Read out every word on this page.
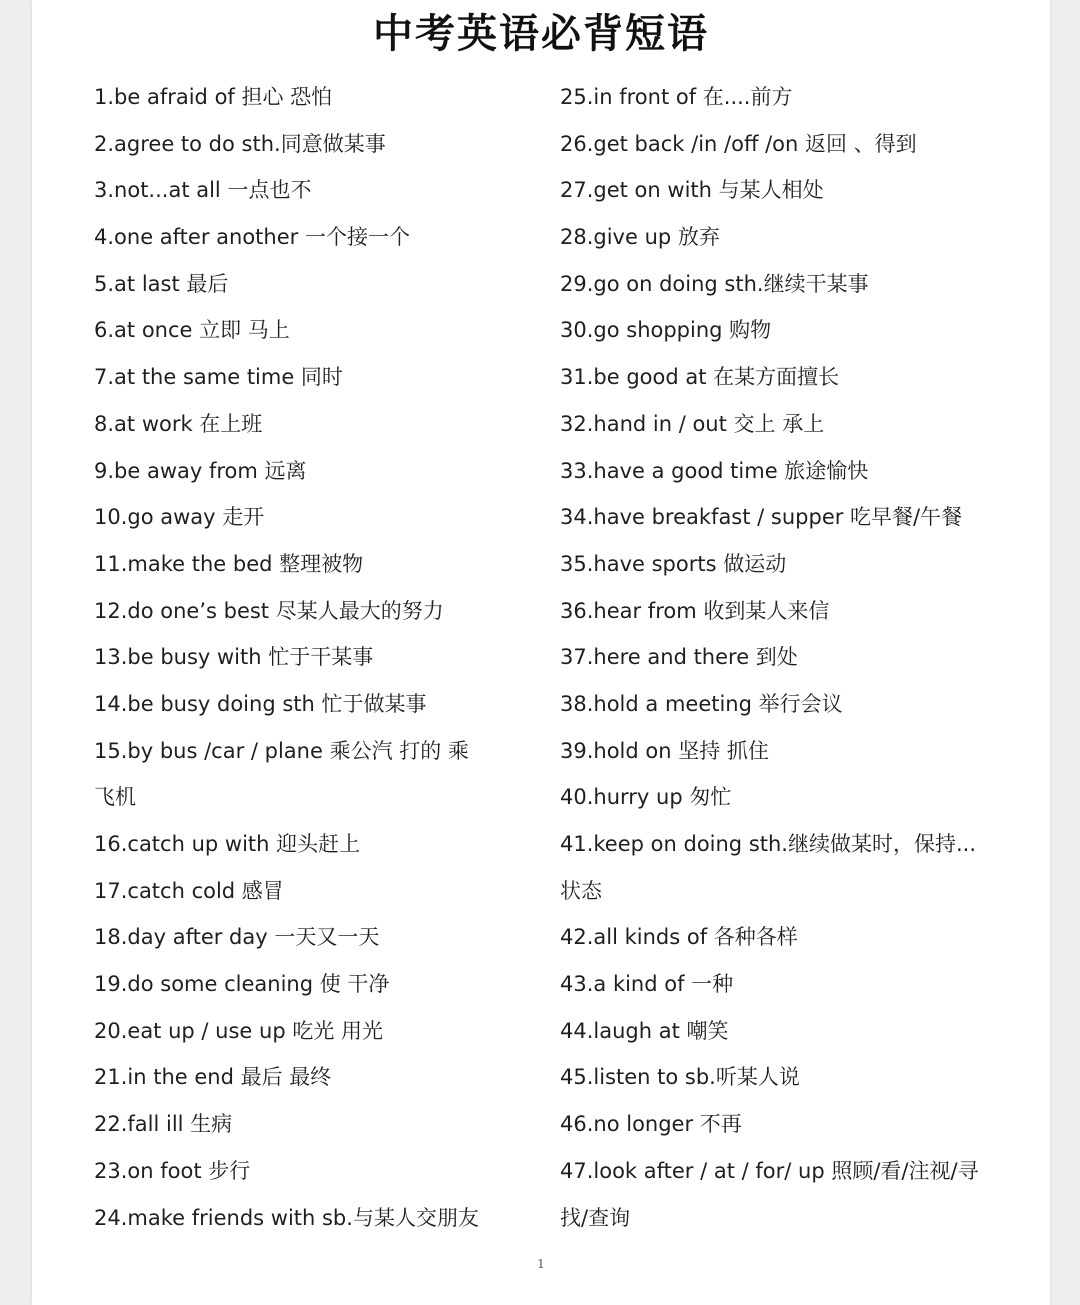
中考英语必背短语
1.be afraid of 担心 恐怕
2.agree to do sth.同意做某事
3.not...at all 一点也不
4.one after another 一个接一个
5.at last 最后
6.at once 立即 马上
7.at the same time 同时
8.at work 在上班
9.be away from 远离
10.go away 走开
11.make the bed 整理被物
12.do one’s best 尽某人最大的努力
13.be busy with 忙于干某事
14.be busy doing sth 忙于做某事
15.by bus /car / plane 乘公汽 打的 乘
飞机
16.catch up with 迎头赶上
17.catch cold 感冒
18.day after day 一天又一天
19.do some cleaning 使 干净
20.eat up / use up 吃光 用光
21.in the end 最后 最终
22.fall ill 生病
23.on foot 步行
24.make friends with sb.与某人交朋友
25.in front of 在....前方
26.get back /in /off /on 返回 、得到
27.get on with 与某人相处
28.give up 放弃
29.go on doing sth.继续干某事
30.go shopping 购物
31.be good at 在某方面擅长
32.hand in / out 交上 承上
33.have a good time 旅途愉快
34.have breakfast / supper 吃早餐/午餐
35.have sports 做运动
36.hear from 收到某人来信
37.here and there 到处
38.hold a meeting 举行会议
39.hold on 坚持 抓住
40.hurry up 匆忙
41.keep on doing sth.继续做某时，保持...
状态
42.all kinds of 各种各样
43.a kind of 一种
44.laugh at 嘲笑
45.listen to sb.听某人说
46.no longer 不再
47.look after / at / for/ up 照顾/看/注视/寻
找/查询
1
